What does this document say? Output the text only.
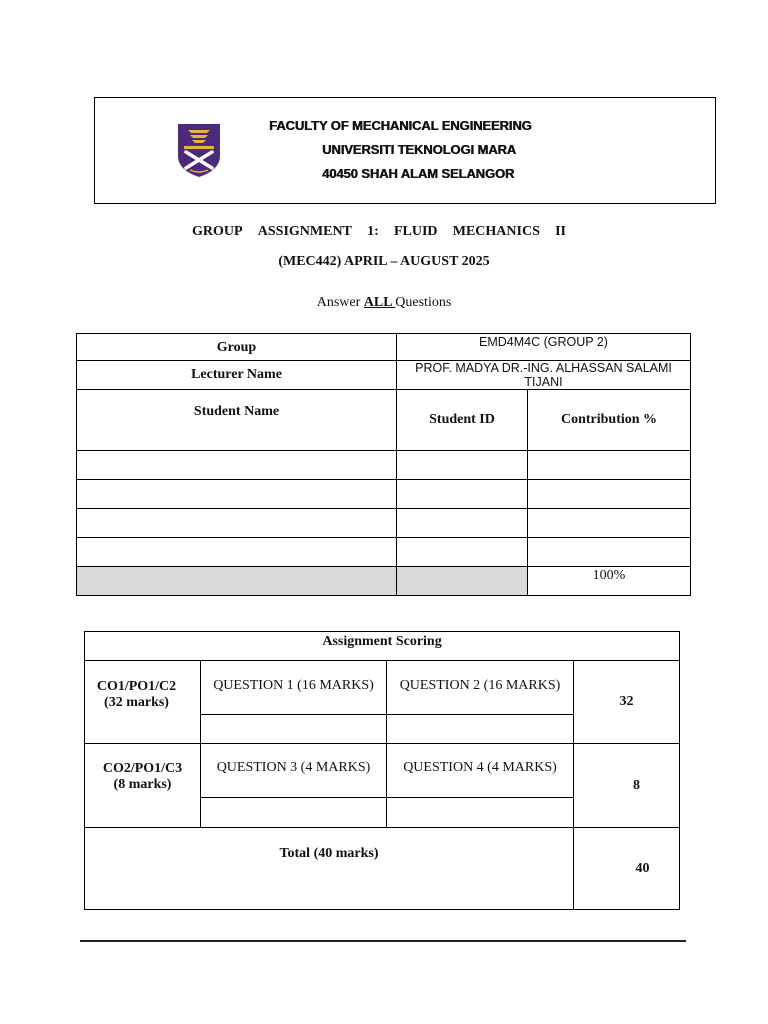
FACULTY OF MECHANICAL ENGINEERING
UNIVERSITI TEKNOLOGI MARA
40450 SHAH ALAM SELANGOR
GROUP ASSIGNMENT 1: FLUID MECHANICS II
(MEC442) APRIL – AUGUST 2025
Answer ALL Questions
Group	EMD4M4C (GROUP 2)	
Lecturer Name	PROF. MADYA DR.-ING. ALHASSAN SALAMI TIJANI	
Student Name	Student ID	Contribution %

		100%
Assignment Scoring			
CO1/PO1/C2
(32 marks)	QUESTION 1 (16 MARKS)	QUESTION 2 (16 MARKS)	32

CO2/PO1/C3
(8 marks)	QUESTION 3 (4 MARKS)	QUESTION 4 (4 MARKS)	8

Total (40 marks)			40
